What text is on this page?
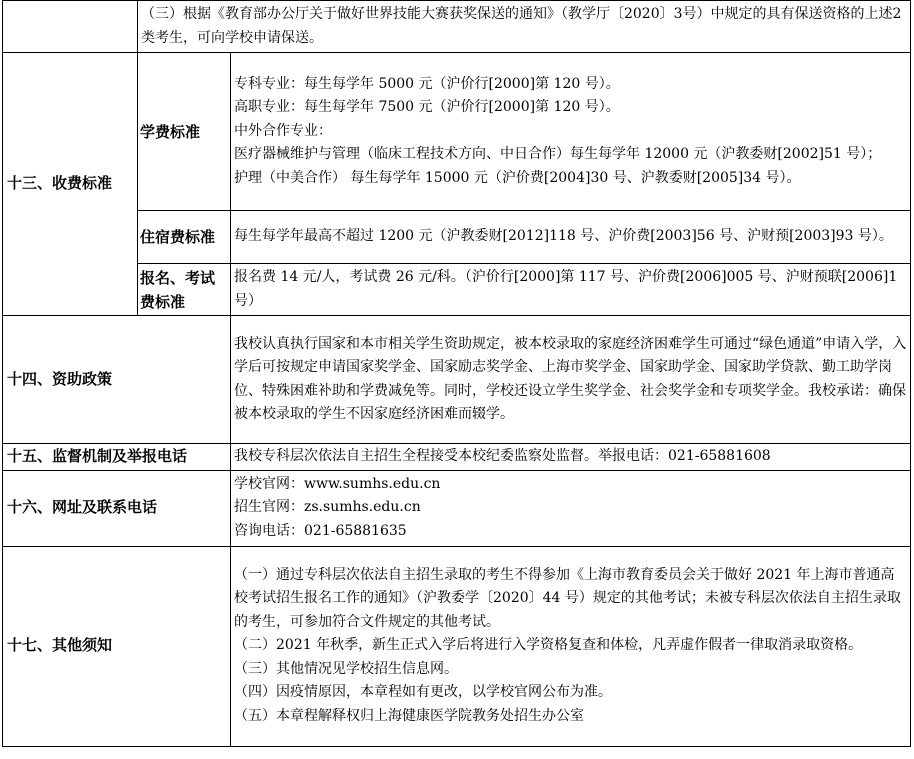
	（三）根据《教育部办公厅关于做好世界技能大赛获奖保送的通知》（教学厅〔2020〕3号）中规定的具有保送资格的上述2类考生，可向学校申请保送。	

十三、收费标准	学费标准	专科专业：每生每学年 5000 元（沪价行[2000]第 120 号）。
高职专业：每生每学年 7500 元（沪价行[2000]第 120 号）。
中外合作专业：
医疗器械维护与管理（临床工程技术方向、中日合作）每生每学年 12000 元（沪教委财[2002]51 号）；
护理（中美合作） 每生每学年 15000 元（沪价费[2004]30 号、沪教委财[2005]34 号）。

	住宿费标准	每生每学年最高不超过 1200 元（沪教委财[2012]118 号、沪价费[2003]56 号、沪财预[2003]93 号）。
	报名、考试费标准	报名费 14 元/人，考试费 26 元/科。（沪价行[2000]第 117 号、沪价费[2006]005 号、沪财预联[2006]1 号）
十四、资助政策		我校认真执行国家和本市相关学生资助规定，被本校录取的家庭经济困难学生可通过“绿色通道”申请入学，入学后可按规定申请国家奖学金、国家励志奖学金、上海市奖学金、国家助学金、国家助学贷款、勤工助学岗位、特殊困难补助和学费减免等。同时，学校还设立学生奖学金、社会奖学金和专项奖学金。我校承诺：确保被本校录取的学生不因家庭经济困难而辍学。
十五、监督机制及举报电话		我校专科层次依法自主招生全程接受本校纪委监察处监督。举报电话：021-65881608
十六、网址及联系电话		学校官网：www.sumhs.edu.cn
招生官网：zs.sumhs.edu.cn
咨询电话：021-65881635

十七、其他须知		（一）通过专科层次依法自主招生录取的考生不得参加《上海市教育委员会关于做好 2021 年上海市普通高校考试招生报名工作的通知》（沪教委学〔2020〕44 号）规定的其他考试；未被专科层次依法自主招生录取的考生，可参加符合文件规定的其他考试。
（二）2021 年秋季，新生正式入学后将进行入学资格复查和体检，凡弄虚作假者一律取消录取资格。
（三）其他情况见学校招生信息网。
（四）因疫情原因，本章程如有更改，以学校官网公布为准。
（五）本章程解释权归上海健康医学院教务处招生办公室
